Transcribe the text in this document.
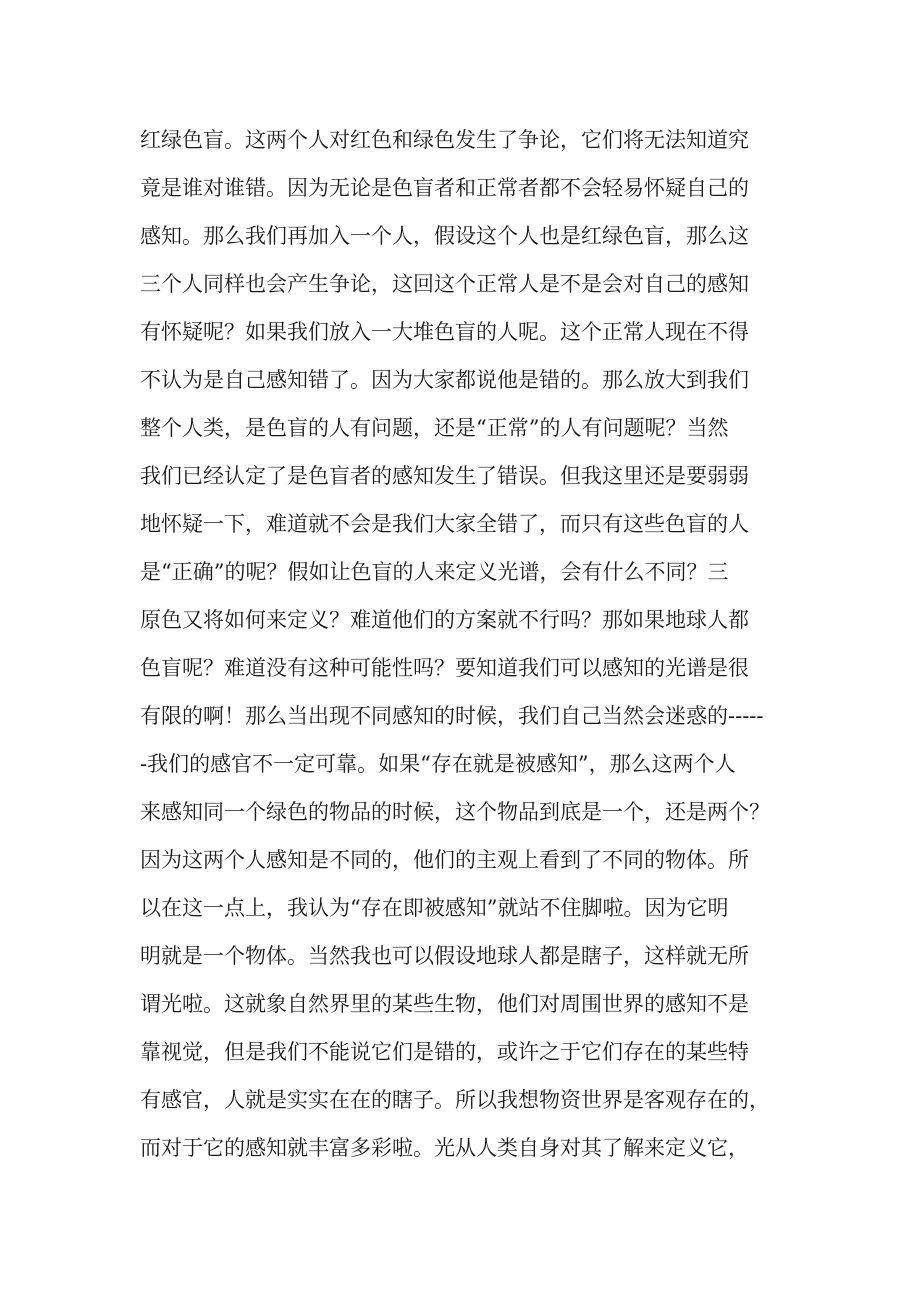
红绿色盲。这两个人对红色和绿色发生了争论，它们将无法知道究
竟是谁对谁错。因为无论是色盲者和正常者都不会轻易怀疑自己的
感知。那么我们再加入一个人，假设这个人也是红绿色盲，那么这
三个人同样也会产生争论，这回这个正常人是不是会对自己的感知
有怀疑呢？如果我们放入一大堆色盲的人呢。这个正常人现在不得
不认为是自己感知错了。因为大家都说他是错的。那么放大到我们
整个人类，是色盲的人有问题，还是“正常”的人有问题呢？当然
我们已经认定了是色盲者的感知发生了错误。但我这里还是要弱弱
地怀疑一下，难道就不会是我们大家全错了，而只有这些色盲的人
是“正确”的呢？假如让色盲的人来定义光谱，会有什么不同？三
原色又将如何来定义？难道他们的方案就不行吗？那如果地球人都
色盲呢？难道没有这种可能性吗？要知道我们可以感知的光谱是很
有限的啊！那么当出现不同感知的时候，我们自己当然会迷惑的-----
-我们的感官不一定可靠。如果“存在就是被感知”，那么这两个人
来感知同一个绿色的物品的时候，这个物品到底是一个，还是两个？
因为这两个人感知是不同的，他们的主观上看到了不同的物体。所
以在这一点上，我认为“存在即被感知”就站不住脚啦。因为它明
明就是一个物体。当然我也可以假设地球人都是瞎子，这样就无所
谓光啦。这就象自然界里的某些生物，他们对周围世界的感知不是
靠视觉，但是我们不能说它们是错的，或许之于它们存在的某些特
有感官，人就是实实在在的瞎子。所以我想物资世界是客观存在的，
而对于它的感知就丰富多彩啦。光从人类自身对其了解来定义它，
